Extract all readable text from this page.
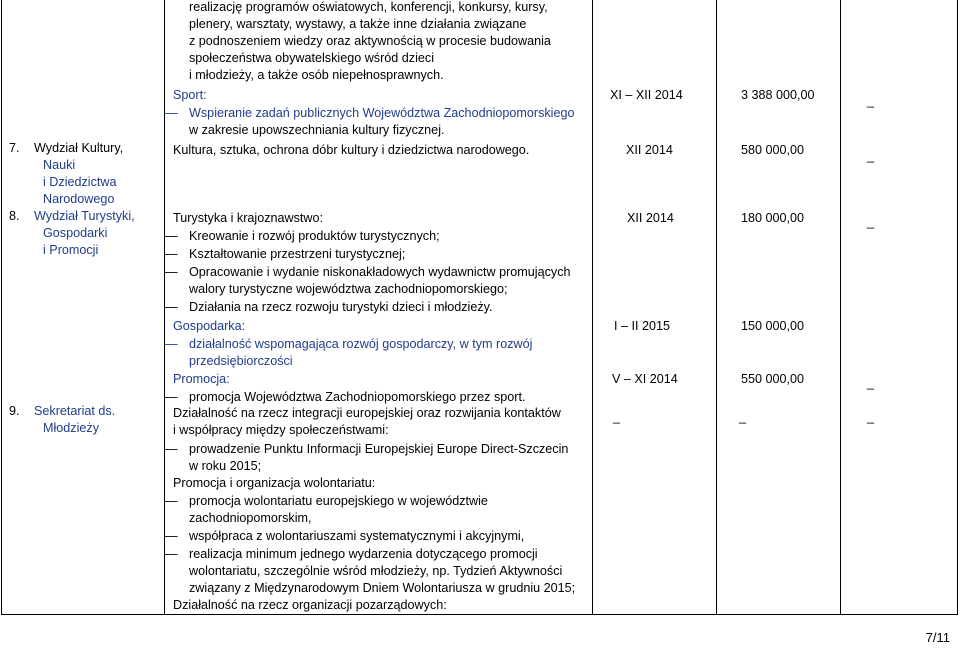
7. Wydział Kultury,
Nauki
i Dziedzictwa
Narodowego
8. Wydział Turystyki,
Gospodarki
i Promocji
9. Sekretariat ds.
Młodzieży
realizację programów oświatowych, konferencji, konkursy, kursy,
plenery, warsztaty, wystawy, a także inne działania związane
z podnoszeniem wiedzy oraz aktywnością w procesie budowania
społeczeństwa obywatelskiego wśród dzieci
i młodzieży, a także osób niepełnosprawnych.
Sport:
— Wspieranie zadań publicznych Województwa Zachodniopomorskiego
w zakresie upowszechniania kultury fizycznej.
Kultura, sztuka, ochrona dóbr kultury i dziedzictwa narodowego.
Turystyka i krajoznawstwo:
— Kreowanie i rozwój produktów turystycznych;
— Kształtowanie przestrzeni turystycznej;
— Opracowanie i wydanie niskonakładowych wydawnictw promujących
walory turystyczne województwa zachodniopomorskiego;
— Działania na rzecz rozwoju turystyki dzieci i młodzieży.
Gospodarka:
— działalność wspomagająca rozwój gospodarczy, w tym rozwój
przedsiębiorczości
Promocja:
— promocja Województwa Zachodniopomorskiego przez sport.
Działalność na rzecz integracji europejskiej oraz rozwijania kontaktów
i współpracy między społeczeństwami:
— prowadzenie Punktu Informacji Europejskiej Europe Direct-Szczecin
w roku 2015;
Promocja i organizacja wolontariatu:
— promocja wolontariatu europejskiego w województwie
zachodniopomorskim,
— współpraca z wolontariuszami systematycznymi i akcyjnymi,
— realizacja minimum jednego wydarzenia dotyczącego promocji
wolontariatu, szczególnie wśród młodzieży, np. Tydzień Aktywności
związany z Międzynarodowym Dniem Wolontariusza w grudniu 2015;
Działalność na rzecz organizacji pozarządowych:
XI – XII 2014
XII 2014
XII 2014
I – II 2015
V – XI 2014
_
3 388 000,00
580 000,00
180 000,00
150 000,00
550 000,00
_
_
_
_
_
_
7/11
